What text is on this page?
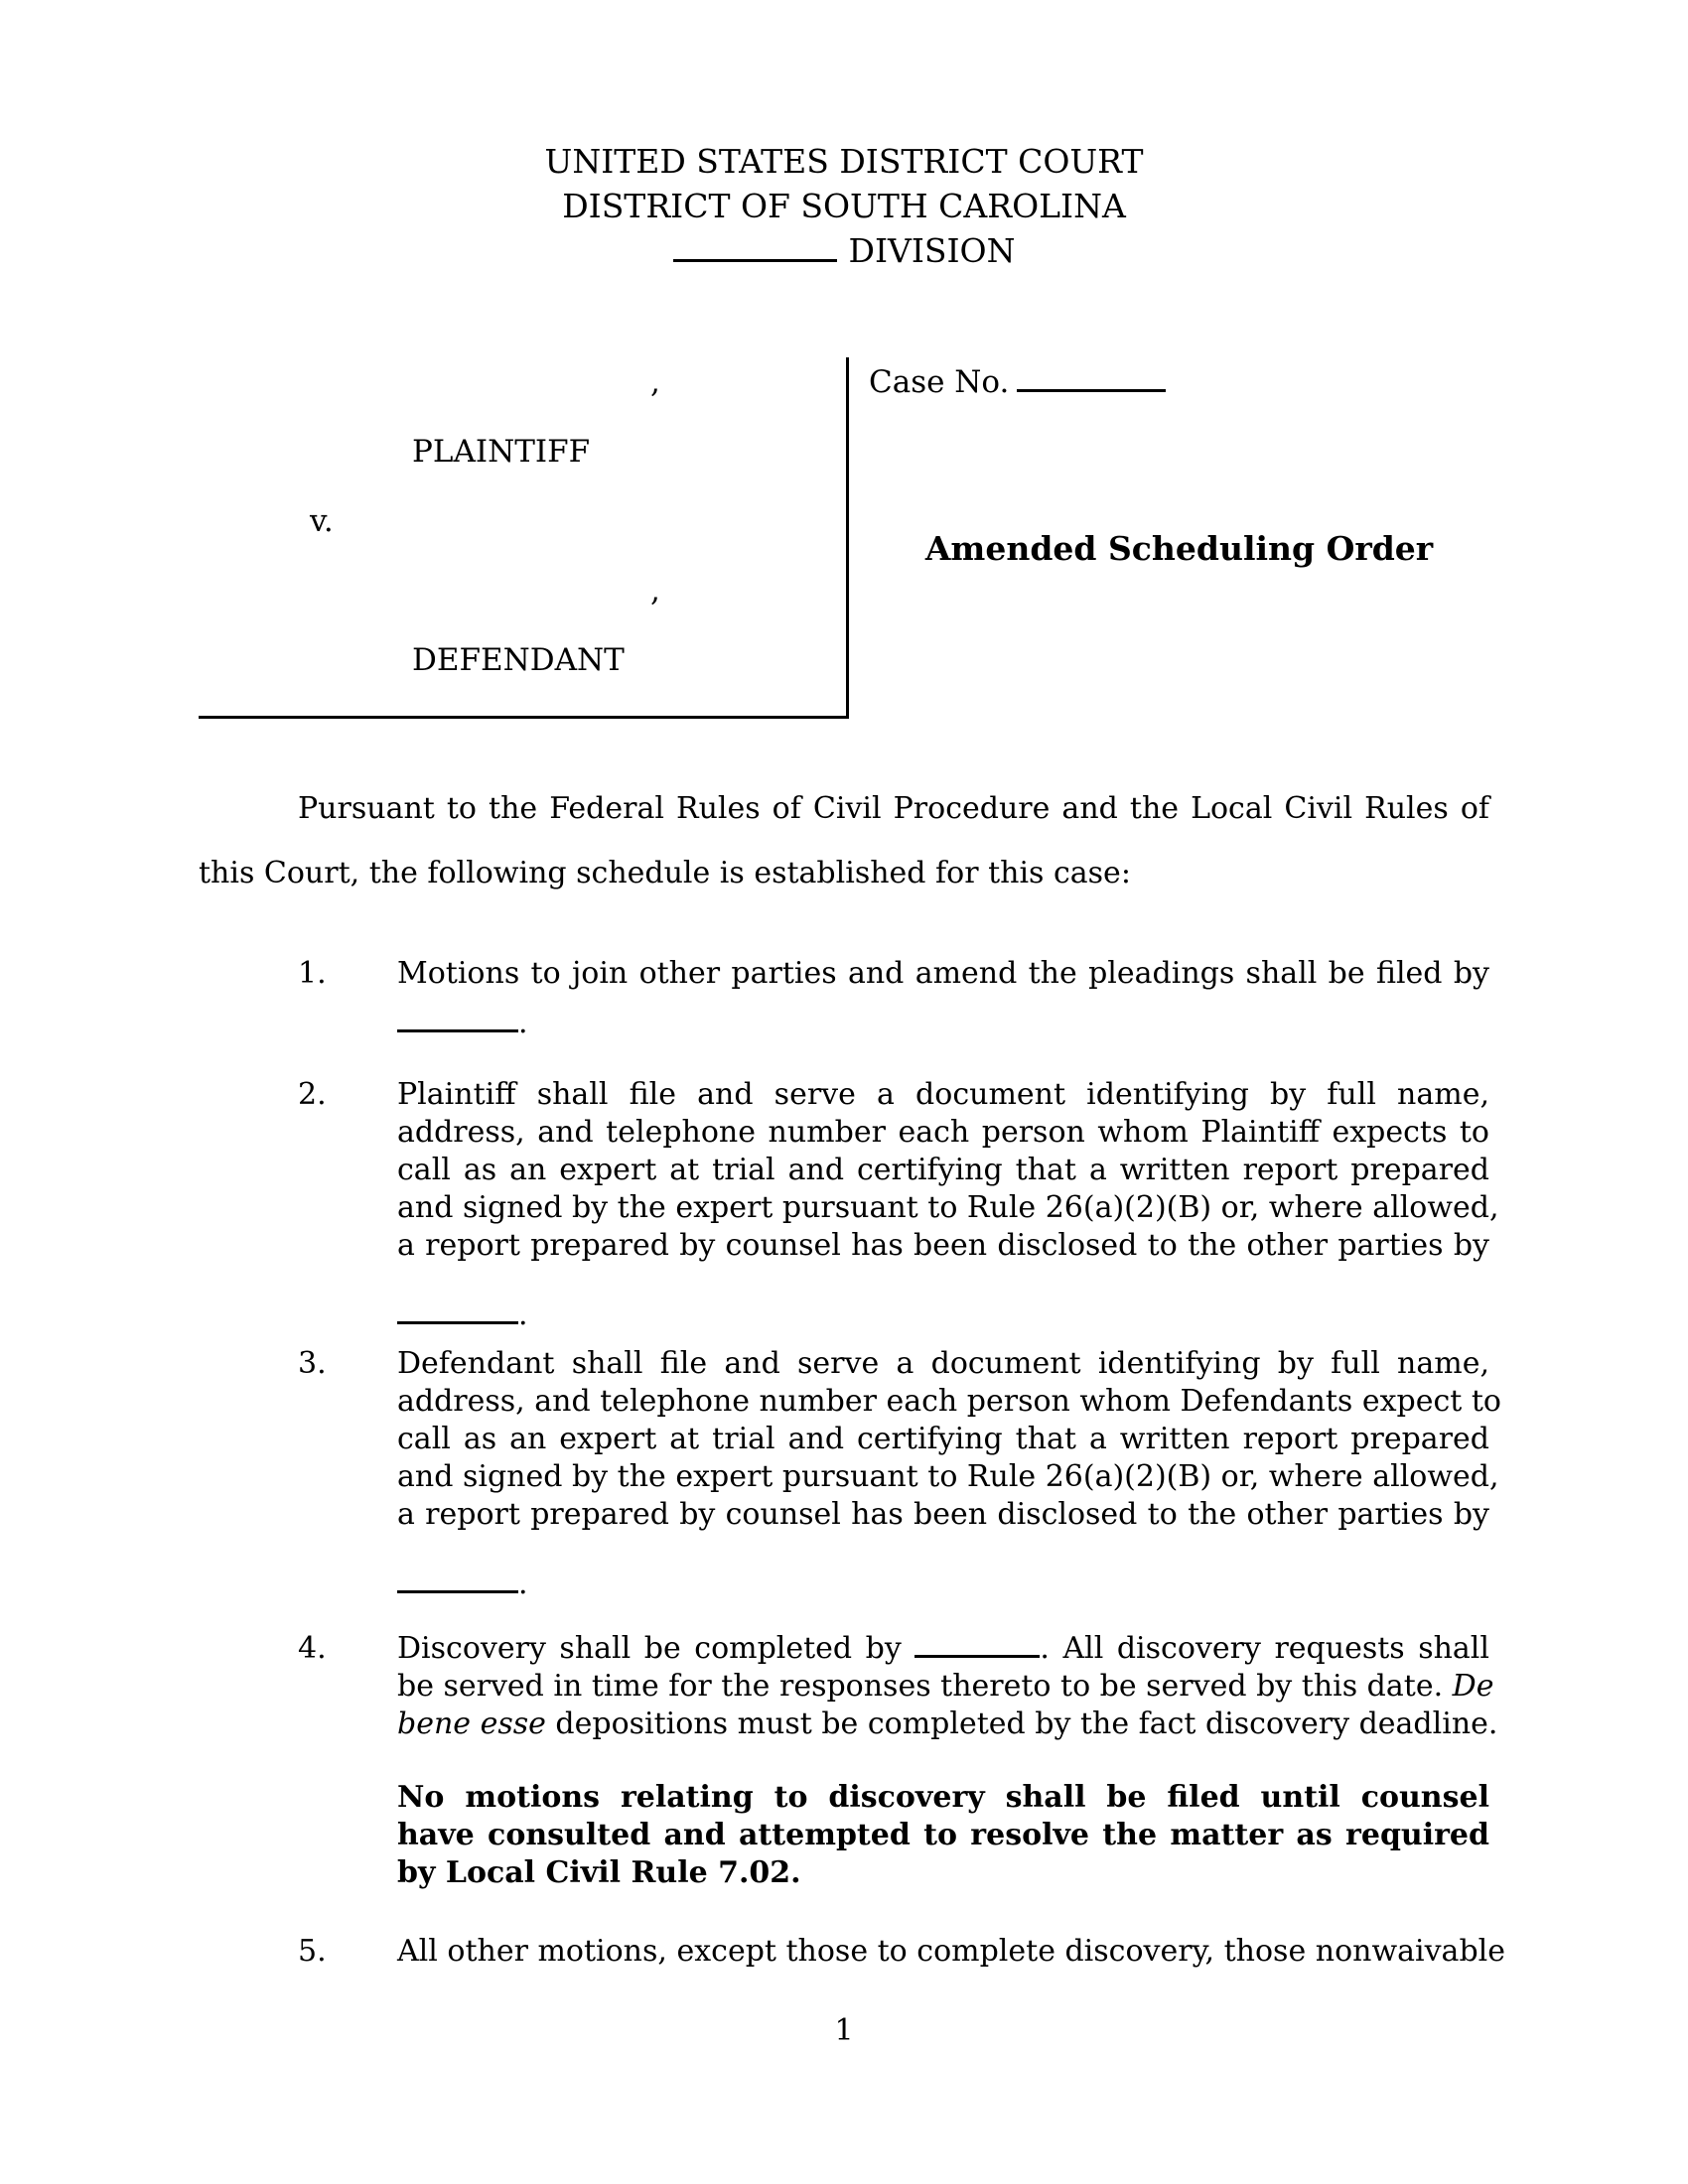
UNITED STATES DISTRICT COURT
DISTRICT OF SOUTH CAROLINA
DIVISION
,
PLAINTIFF
v.
,
DEFENDANT
Case No.
Amended Scheduling Order

Pursuant to the Federal Rules of Civil Procedure and the Local Civil Rules of

this Court, the following schedule is established for this case:

1.	Motions to join other parties and amend the pleadings shall be filed by
.
2.	Plaintiff shall file and serve a document identifying by full name,
address, and telephone number each person whom Plaintiff expects to
call as an expert at trial and certifying that a written report prepared
and signed by the expert pursuant to Rule 26(a)(2)(B) or, where allowed,
a report prepared by counsel has been disclosed to the other parties by
.
3.	Defendant shall file and serve a document identifying by full name,
address, and telephone number each person whom Defendants expect to
call as an expert at trial and certifying that a written report prepared
and signed by the expert pursuant to Rule 26(a)(2)(B) or, where allowed,
a report prepared by counsel has been disclosed to the other parties by
.
4.	Discovery shall be completed by	. All discovery requests shall
be served in time for the responses thereto to be served by this date. De
bene esse depositions must be completed by the fact discovery deadline.
No motions relating to discovery shall be filed until counsel
have consulted and attempted to resolve the matter as required
by Local Civil Rule 7.02.
5.	All other motions, except those to complete discovery, those nonwaivable
1
